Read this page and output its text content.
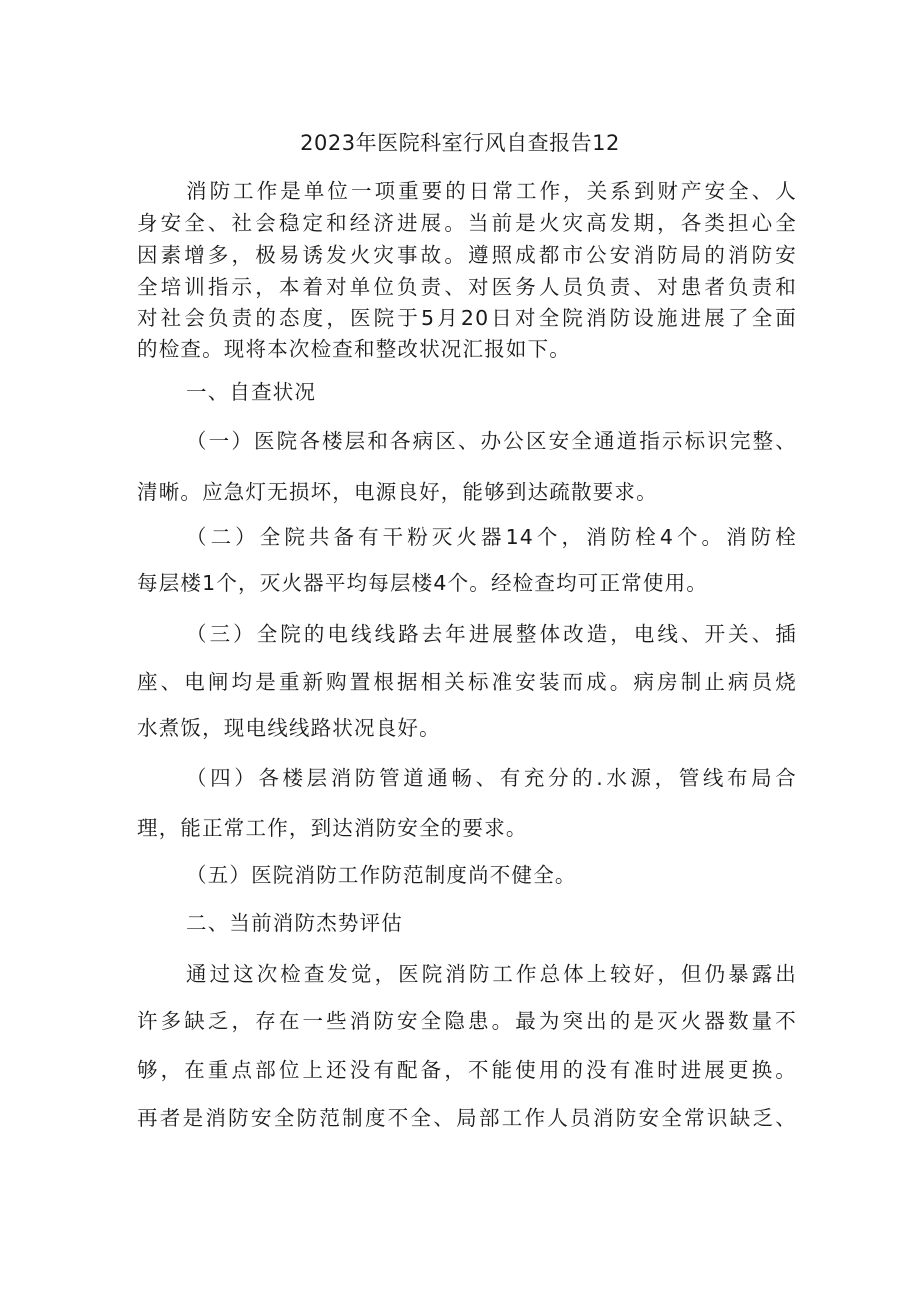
2023年医院科室行风自查报告12
消防工作是单位一项重要的日常工作，关系到财产安全、人
身安全、社会稳定和经济进展。当前是火灾高发期，各类担心全
因素增多，极易诱发火灾事故。遵照成都市公安消防局的消防安
全培训指示，本着对单位负责、对医务人员负责、对患者负责和
对社会负责的态度，医院于5月20日对全院消防设施进展了全面
的检查。现将本次检查和整改状况汇报如下。
一、自查状况
（一）医院各楼层和各病区、办公区安全通道指示标识完整、
清晰。应急灯无损坏，电源良好，能够到达疏散要求。
（二）全院共备有干粉灭火器14个，消防栓4个。消防栓
每层楼1个，灭火器平均每层楼4个。经检查均可正常使用。
（三）全院的电线线路去年进展整体改造，电线、开关、插
座、电闸均是重新购置根据相关标准安装而成。病房制止病员烧
水煮饭，现电线线路状况良好。
（四）各楼层消防管道通畅、有充分的.水源，管线布局合
理，能正常工作，到达消防安全的要求。
（五）医院消防工作防范制度尚不健全。
二、当前消防杰势评估
通过这次检查发觉，医院消防工作总体上较好，但仍暴露出
许多缺乏，存在一些消防安全隐患。最为突出的是灭火器数量不
够，在重点部位上还没有配备，不能使用的没有准时进展更换。
再者是消防安全防范制度不全、局部工作人员消防安全常识缺乏、
